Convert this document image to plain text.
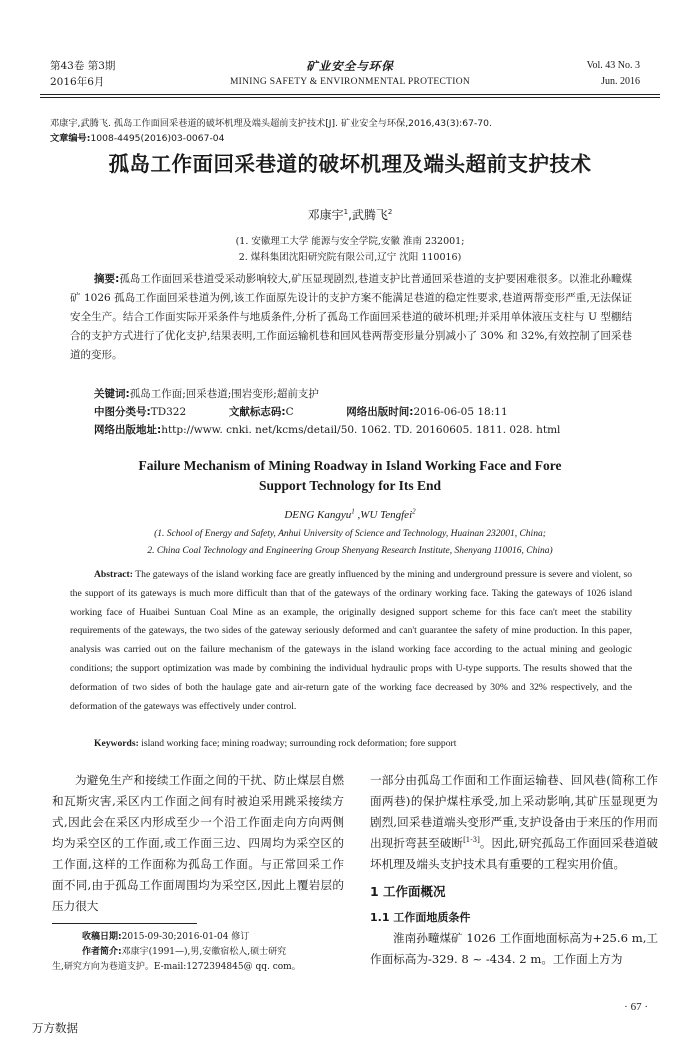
第43卷 第3期
2016年6月
矿业安全与环保
MINING SAFETY & ENVIRONMENTAL PROTECTION
Vol. 43 No. 3
Jun. 2016
邓康宇,武腾飞. 孤岛工作面回采巷道的破坏机理及端头超前支护技术[J]. 矿业安全与环保,2016,43(3):67-70.
文章编号:1008-4495(2016)03-0067-04
孤岛工作面回采巷道的破坏机理及端头超前支护技术
邓康宇$^1$,武腾飞$^2$
(1. 安徽理工大学 能源与安全学院,安徽 淮南 232001;
2. 煤科集团沈阳研究院有限公司,辽宁 沈阳 110016)

摘要:孤岛工作面回采巷道受采动影响较大,矿压显现剧烈,巷道支护比普通回采巷道的支护要困难很多。以淮北孙疃煤矿 1026 孤岛工作面回采巷道为例,该工作面原先设计的支护方案不能满足巷道的稳定性要求,巷道两帮变形严重,无法保证安全生产。结合工作面实际开采条件与地质条件,分析了孤岛工作面回采巷道的破坏机理;并采用单体液压支柱与 U 型棚结合的支护方式进行了优化支护,结果表明,工作面运输机巷和回风巷两帮变形量分别减小了 30% 和 32%,有效控制了回采巷道的变形。

关键词:孤岛工作面;回采巷道;围岩变形;超前支护
中图分类号:TD322	文献标志码:C	网络出版时间:2016-06-05 18:11
网络出版地址:http://www. cnki. net/kcms/detail/50. 1062. TD. 20160605. 1811. 028. html
Failure Mechanism of Mining Roadway in Island Working Face and Fore
Support Technology for Its End
DENG Kangyu$^1$ ,WU Tengfei$^2$
(1. School of Energy and Safety, Anhui University of Science and Technology, Huainan 232001, China;
2. China Coal Technology and Engineering Group Shenyang Research Institute, Shenyang 110016, China)

Abstract: The gateways of the island working face are greatly influenced by the mining and underground pressure is severe and violent, so the support of its gateways is much more difficult than that of the gateways of the ordinary working face. Taking the gateways of 1026 island working face of Huaibei Suntuan Coal Mine as an example, the originally designed support scheme for this face can't meet the stability requirements of the gateways, the two sides of the gateway seriously deformed and can't guarantee the safety of mine production. In this paper, analysis was carried out on the failure mechanism of the gateways in the island working face according to the actual mining and geologic conditions; the support optimization was made by combining the individual hydraulic props with U-type supports. The results showed that the deformation of two sides of both the haulage gate and air-return gate of the working face decreased by 30% and 32% respectively, and the deformation of the gateways was effectively under control.

Keywords: island working face; mining roadway; surrounding rock deformation; fore support

为避免生产和接续工作面之间的干扰、防止煤层自燃和瓦斯灾害,采区内工作面之间有时被迫采用跳采接续方式,因此会在采区内形成至少一个沿工作面走向方向两侧均为采空区的工作面,或工作面三边、四周均为采空区的工作面,这样的工作面称为孤岛工作面。与正常回采工作面不同,由于孤岛工作面周围均为采空区,因此上覆岩层的压力很大

一部分由孤岛工作面和工作面运输巷、回风巷(简称工作面两巷)的保护煤柱承受,加上采动影响,其矿压显现更为剧烈,回采巷道端头变形严重,支护设备由于来压的作用而出现折弯甚至破断[1-3]。因此,研究孤岛工作面回采巷道破坏机理及端头支护技术具有重要的工程实用价值。

1 工作面概况
1.1 工作面地质条件

淮南孙疃煤矿 1026 工作面地面标高为+25.6 m,工作面标高为-329. 8 ~ -434. 2 m。工作面上方为

收稿日期:2015-09-30;2016-01-04 修订
作者简介:邓康宇(1991—),男,安徽宿松人,硕士研究
生,研究方向为巷道支护。E-mail:1272394845@ qq. com。
· 67 ·
万方数据
